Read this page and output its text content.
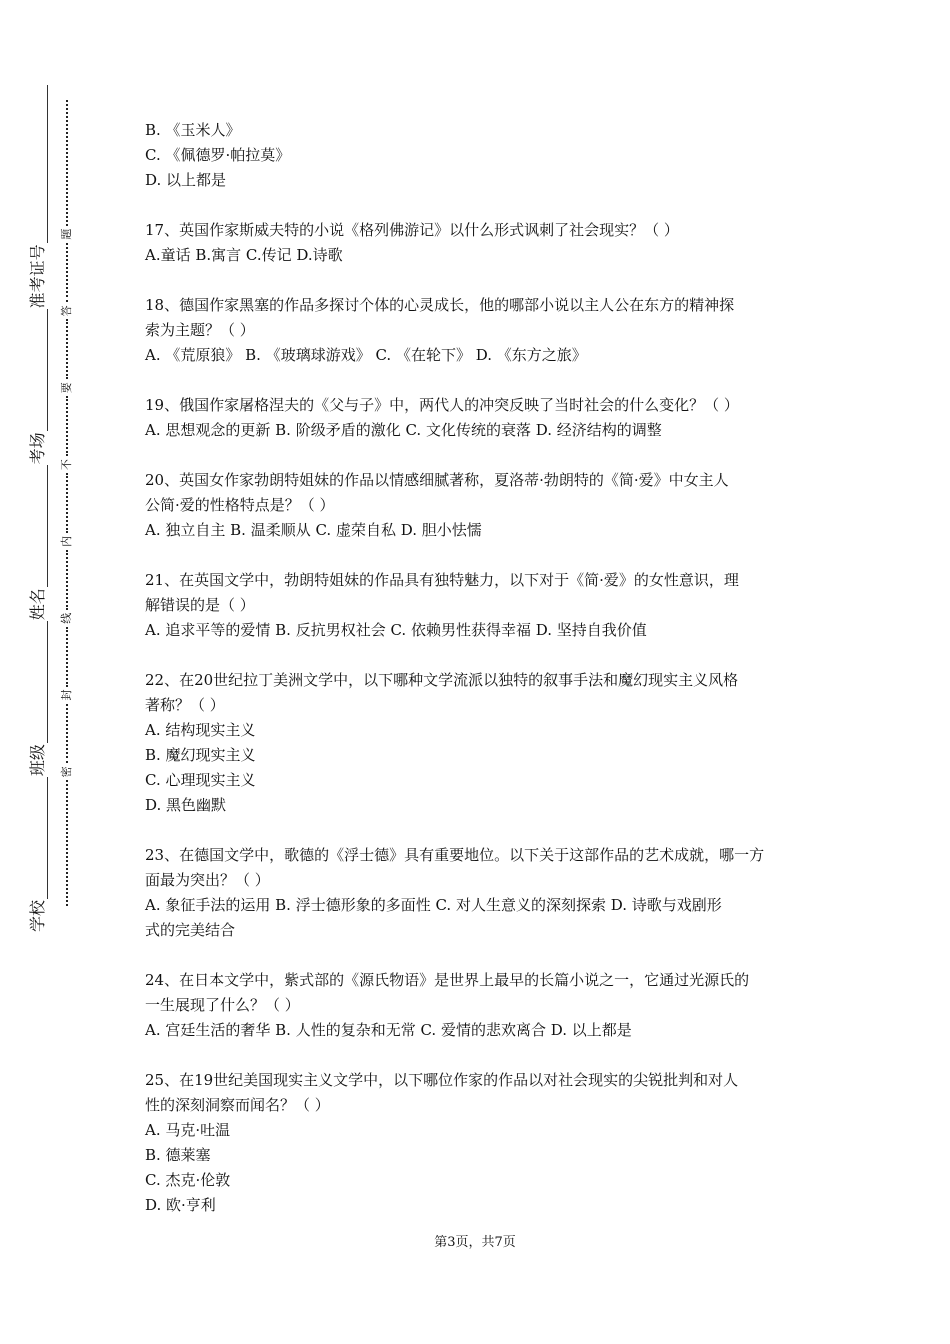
学校
班级
姓名
考场
准考证号
密
封
线
内
不
要
答
题
B. 《玉米人》
C. 《佩德罗·帕拉莫》
D. 以上都是
17、英国作家斯威夫特的小说《格列佛游记》以什么形式讽刺了社会现实？（ ）
A.童话 B.寓言 C.传记 D.诗歌
18、德国作家黑塞的作品多探讨个体的心灵成长，他的哪部小说以主人公在东方的精神探
索为主题？（ ）
A. 《荒原狼》 B. 《玻璃球游戏》 C. 《在轮下》 D. 《东方之旅》
19、俄国作家屠格涅夫的《父与子》中，两代人的冲突反映了当时社会的什么变化？（ ）
A. 思想观念的更新 B. 阶级矛盾的激化 C. 文化传统的衰落 D. 经济结构的调整
20、英国女作家勃朗特姐妹的作品以情感细腻著称，夏洛蒂·勃朗特的《简·爱》中女主人
公简·爱的性格特点是？（ ）
A. 独立自主 B. 温柔顺从 C. 虚荣自私 D. 胆小怯懦
21、在英国文学中，勃朗特姐妹的作品具有独特魅力，以下对于《简·爱》的女性意识，理
解错误的是（ ）
A. 追求平等的爱情 B. 反抗男权社会 C. 依赖男性获得幸福 D. 坚持自我价值
22、在20世纪拉丁美洲文学中，以下哪种文学流派以独特的叙事手法和魔幻现实主义风格
著称？（ ）
A. 结构现实主义
B. 魔幻现实主义
C. 心理现实主义
D. 黑色幽默
23、在德国文学中，歌德的《浮士德》具有重要地位。以下关于这部作品的艺术成就，哪一方
面最为突出？（ ）
A. 象征手法的运用 B. 浮士德形象的多面性 C. 对人生意义的深刻探索 D. 诗歌与戏剧形
式的完美结合
24、在日本文学中，紫式部的《源氏物语》是世界上最早的长篇小说之一，它通过光源氏的
一生展现了什么？（ ）
A. 宫廷生活的奢华 B. 人性的复杂和无常 C. 爱情的悲欢离合 D. 以上都是
25、在19世纪美国现实主义文学中，以下哪位作家的作品以对社会现实的尖锐批判和对人
性的深刻洞察而闻名？（ ）
A. 马克·吐温
B. 德莱塞
C. 杰克·伦敦
D. 欧·亨利
第3页，共7页
